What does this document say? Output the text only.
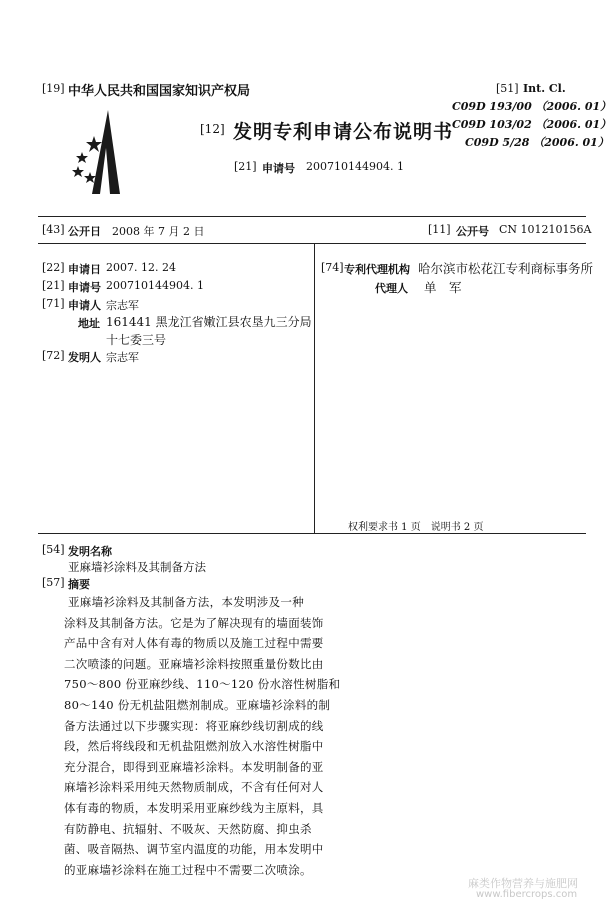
[19] 中华人民共和国国家知识产权局
[12] 发明专利申请公布说明书
[21] 申请号 200710144904. 1
[51] Int. Cl.
C09D 193/00 （2006. 01）
C09D 103/02 （2006. 01）
C09D 5/28 （2006. 01）
[43] 公开日 2008 年 7 月 2 日	[11] 公开号 CN 101210156A
[22] 申请日 2007. 12. 24
[21] 申请号 200710144904. 1
[71] 申请人 宗志军
地址 161441 黑龙江省嫩江县农垦九三分局
十七委三号
[72] 发明人 宗志军
[74] 专利代理机构 哈尔滨市松花江专利商标事务所
代理人 单　军
权利要求书 1 页　说明书 2 页
[54] 发明名称
亚麻墙衫涂料及其制备方法
[57] 摘要
亚麻墙衫涂料及其制备方法，本发明涉及一种
涂料及其制备方法。它是为了解决现有的墙面装饰
产品中含有对人体有毒的物质以及施工过程中需要
二次喷漆的问题。亚麻墙衫涂料按照重量份数比由
750～800 份亚麻纱线、110～120 份水溶性树脂和
80～140 份无机盐阻燃剂制成。亚麻墙衫涂料的制
备方法通过以下步骤实现：将亚麻纱线切割成的线
段，然后将线段和无机盐阻燃剂放入水溶性树脂中
充分混合，即得到亚麻墙衫涂料。本发明制备的亚
麻墙衫涂料采用纯天然物质制成，不含有任何对人
体有毒的物质，本发明采用亚麻纱线为主原料，具
有防静电、抗辐射、不吸灰、天然防腐、抑虫杀
菌、吸音隔热、调节室内温度的功能，用本发明中
的亚麻墙衫涂料在施工过程中不需要二次喷涂。
麻类作物营养与施肥网
www.fibercrops.com
